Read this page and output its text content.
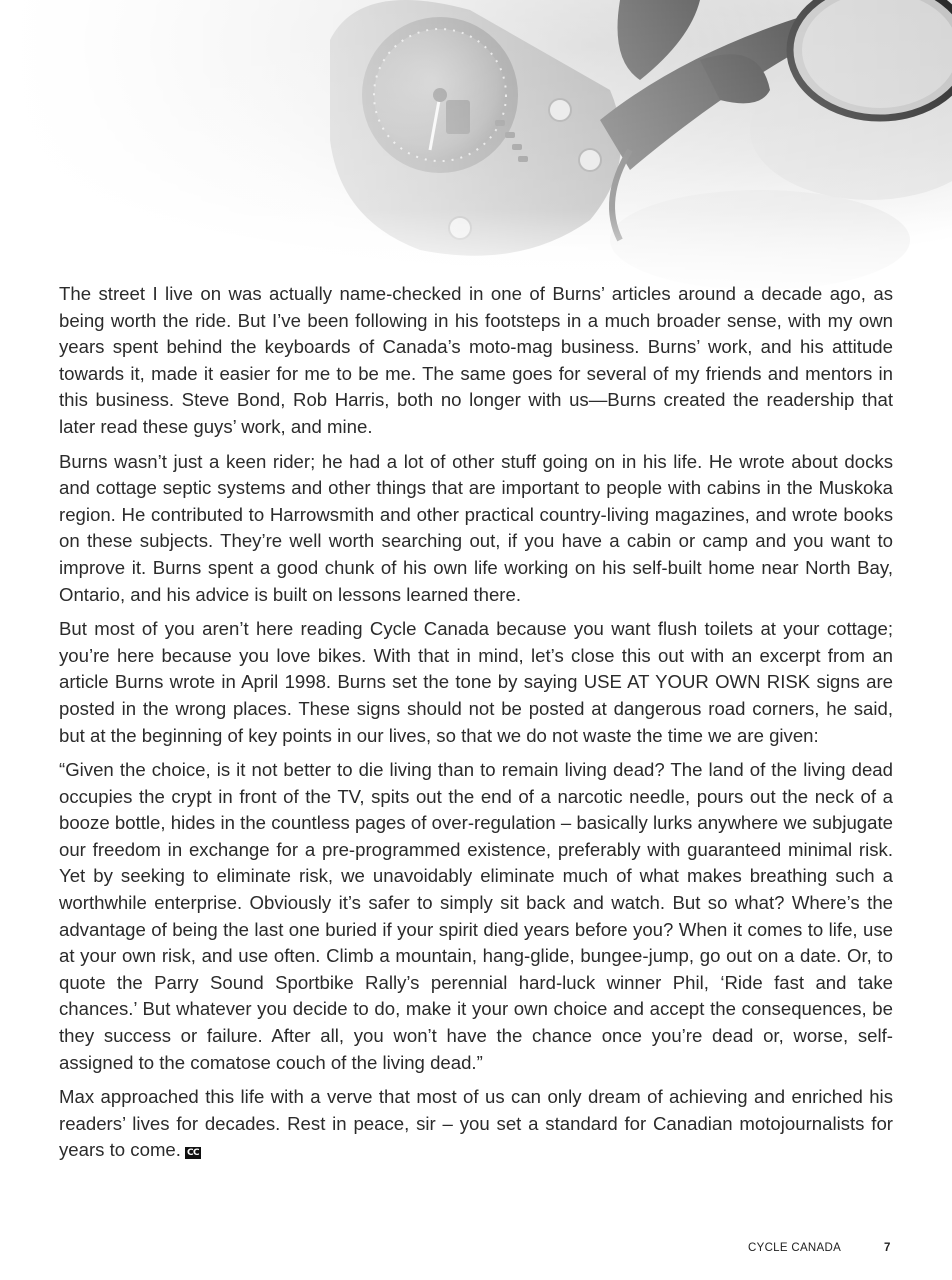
The street I live on was actually name-checked in one of Burns’ articles around a decade ago, as being worth the ride. But I’ve been following in his footsteps in a much broader sense, with my own years spent behind the keyboards of Canada’s moto-mag business. Burns’ work, and his attitude towards it, made it easier for me to be me. The same goes for several of my friends and mentors in this business. Steve Bond, Rob Harris, both no longer with us—Burns created the readership that later read these guys’ work, and mine.

Burns wasn’t just a keen rider; he had a lot of other stuff going on in his life. He wrote about docks and cottage septic systems and other things that are important to people with cabins in the Muskoka region. He contributed to Harrowsmith and other practical country-living magazines, and wrote books on these subjects. They’re well worth searching out, if you have a cabin or camp and you want to improve it. Burns spent a good chunk of his own life working on his self-built home near North Bay, Ontario, and his advice is built on lessons learned there.

But most of you aren’t here reading Cycle Canada because you want flush toilets at your cottage; you’re here because you love bikes. With that in mind, let’s close this out with an excerpt from an article Burns wrote in April 1998. Burns set the tone by saying USE AT YOUR OWN RISK signs are posted in the wrong places. These signs should not be posted at dangerous road corners, he said, but at the beginning of key points in our lives, so that we do not waste the time we are given:

“Given the choice, is it not better to die living than to remain living dead? The land of the living dead occupies the crypt in front of the TV, spits out the end of a narcotic needle, pours out the neck of a booze bottle, hides in the countless pages of over-regulation – basically lurks anywhere we subjugate our freedom in exchange for a pre-programmed existence, preferably with guaranteed minimal risk. Yet by seeking to eliminate risk, we unavoidably eliminate much of what makes breathing such a worthwhile enterprise. Obviously it’s safer to simply sit back and watch. But so what? Where’s the advantage of being the last one buried if your spirit died years before you? When it comes to life, use at your own risk, and use often. Climb a mountain, hang-glide, bungee-jump, go out on a date. Or, to quote the Parry Sound Sportbike Rally’s perennial hard-luck winner Phil, ‘Ride fast and take chances.’ But whatever you decide to do, make it your own choice and accept the consequences, be they success or failure. After all, you won’t have the chance once you’re dead or, worse, self-assigned to the comatose couch of the living dead.”

Max approached this life with a verve that most of us can only dream of achieving and enriched his readers’ lives for decades. Rest in peace, sir – you set a standard for Canadian motojournalists for years to come. CC

CYCLE CANADA	7
